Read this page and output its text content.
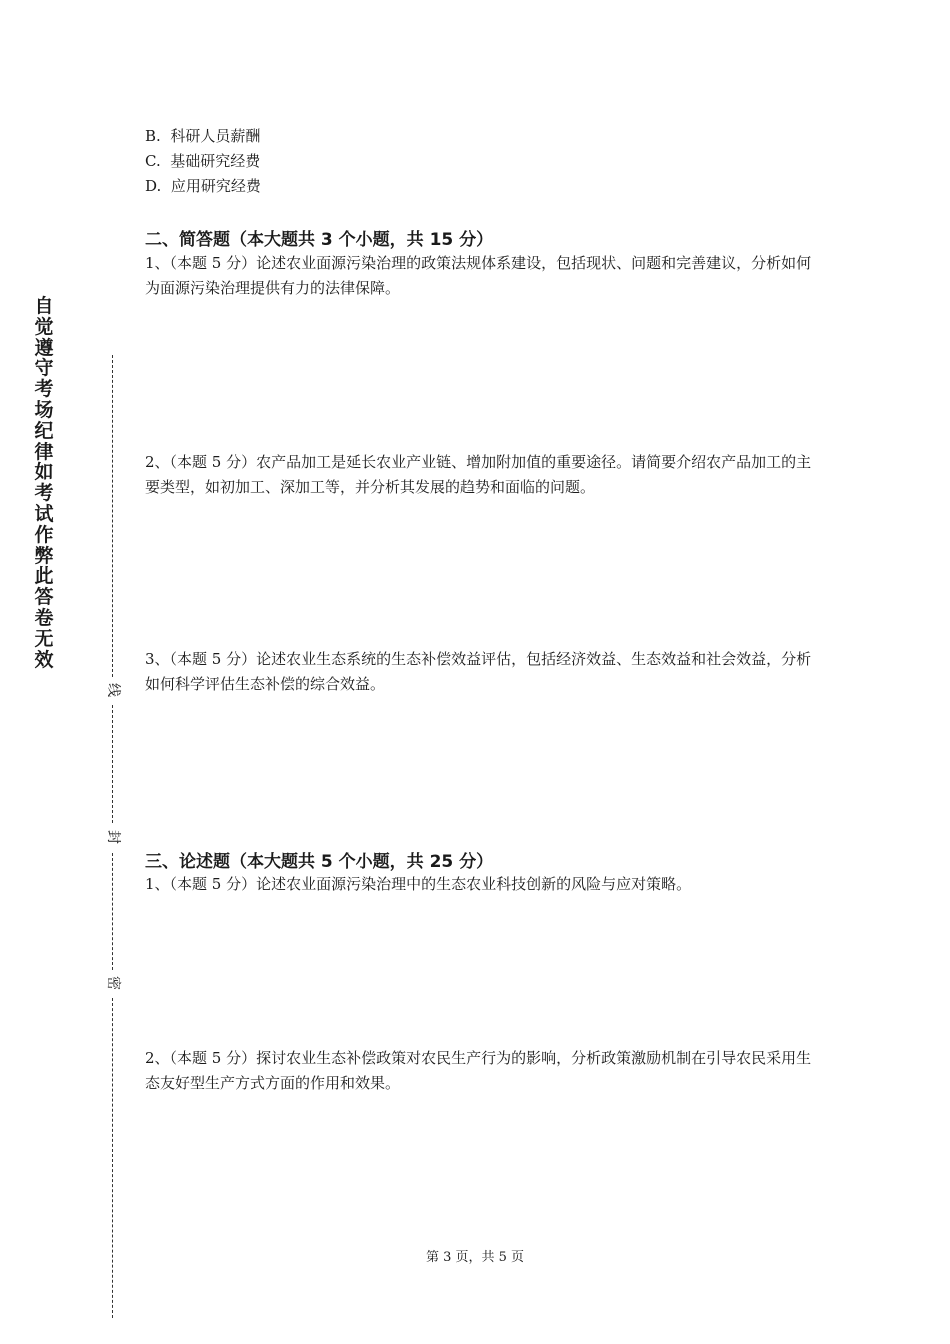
自
觉
遵
守
考
场
纪
律
如
考
试
作
弊
此
答
卷
无
效
线
封
密
B. 科研人员薪酬
C. 基础研究经费
D. 应用研究经费
二、简答题（本大题共 3 个小题，共 15 分）
1、（本题 5 分）论述农业面源污染治理的政策法规体系建设，包括现状、问题和完善建议，分析如何为面源污染治理提供有力的法律保障。
2、（本题 5 分）农产品加工是延长农业产业链、增加附加值的重要途径。请简要介绍农产品加工的主要类型，如初加工、深加工等，并分析其发展的趋势和面临的问题。
3、（本题 5 分）论述农业生态系统的生态补偿效益评估，包括经济效益、生态效益和社会效益，分析如何科学评估生态补偿的综合效益。
三、论述题（本大题共 5 个小题，共 25 分）
1、（本题 5 分）论述农业面源污染治理中的生态农业科技创新的风险与应对策略。
2、（本题 5 分）探讨农业生态补偿政策对农民生产行为的影响，分析政策激励机制在引导农民采用生态友好型生产方式方面的作用和效果。
第 3 页，共 5 页
